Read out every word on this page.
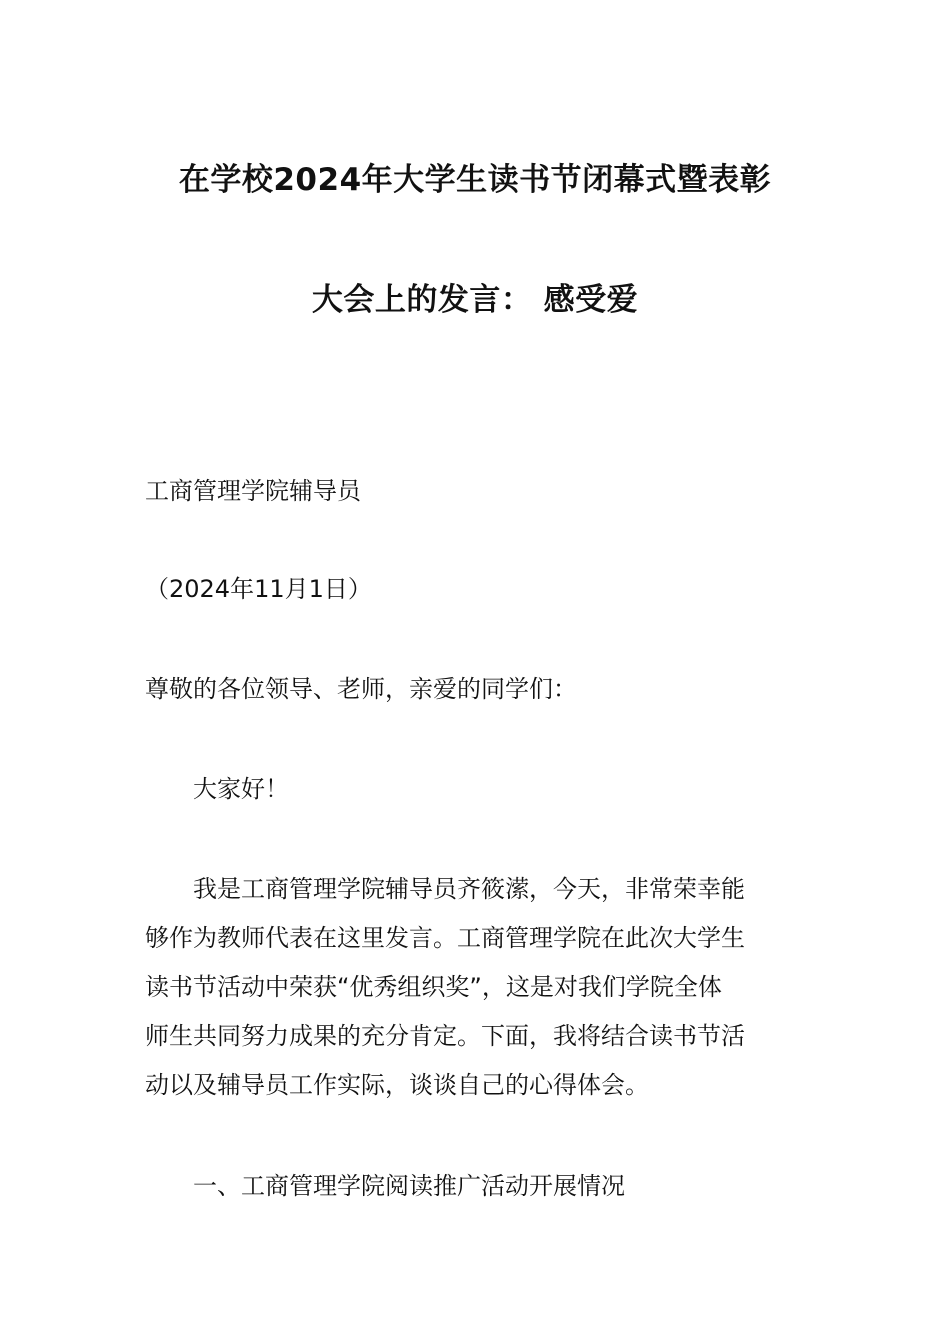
在学校2024年大学生读书节闭幕式暨表彰
大会上的发言： 感受爱
工商管理学院辅导员
（2024年11月1日）
尊敬的各位领导、老师，亲爱的同学们：
大家好！
我是工商管理学院辅导员齐筱潆，今天，非常荣幸能
够作为教师代表在这里发言。工商管理学院在此次大学生
读书节活动中荣获“优秀组织奖”，这是对我们学院全体
师生共同努力成果的充分肯定。下面，我将结合读书节活
动以及辅导员工作实际，谈谈自己的心得体会。
一、工商管理学院阅读推广活动开展情况
